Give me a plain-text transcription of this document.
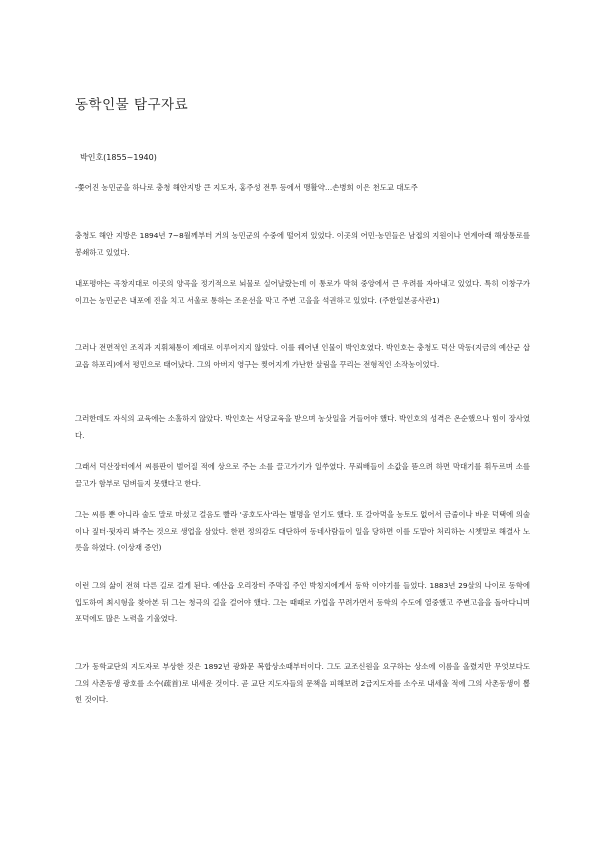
동학인물 탐구자료
박인호(1855~1940)
-쫓어진 농민군을 하나로 충청 해안지방 큰 지도자, 홍주성 전투 등에서 맹활약…손병희 이은 천도교 대도주
충청도 해안 지방은 1894년 7~8월께부터 거의 농민군의 수중에 떨어져 있었다. 이곳의 어민·농민들은 남접의 지원이나 연계아래 해상통로를 봉쇄하고 있었다.
내포평야는 곡창지대로 이곳의 양곡을 정기적으로 뇌물로 실어날랐는데 이 통로가 막혀 중앙에서 큰 우려를 자아내고 있었다. 특히 이창구가 이끄는 농민군은 내포에 진을 치고 서울로 통하는 조운선을 막고 주변 고을을 석권하고 있었다. (주한일본공사관1)
그러나 전면적인 조직과 지휘체통이 제대로 이루어지지 않았다. 이를 꿰어낸 인물이 박인호였다. 박인호는 충청도 덕산 막동(지금의 예산군 삽교읍 하포리)에서 평민으로 태어났다. 그의 아버지 영구는 찢어지게 가난한 살림을 꾸리는 전형적인 소작농이었다.
그러한데도 자식의 교육에는 소홀하지 않았다. 박인호는 서당교육을 받으며 농삿일을 거들어야 했다. 박인호의 성격은 온순했으나 힘이 장사였다.
그래서 덕산장터에서 씨름판이 벌어질 적에 상으로 주는 소를 끌고가기가 일쑤였다. 무뢰배들이 소값을 뜯으려 하면 막대기를 휘두르며 소를 끌고가 함부로 덤벼들지 못했다고 한다.
그는 씨름 뿐 아니라 술도 말로 마셨고 걸음도 빨라 '공호도사'라는 별명을 얻기도 했다. 또 갈아먹을 농토도 없어서 금줄이나 바운 덕택에 의술이나 짚터·뒷자리 봐주는 것으로 생업을 삼았다. 한편 정의감도 대단하여 동네사람들이 일을 당하면 이를 도맡아 처리하는 시쳇말로 해결사 노릇을 하였다. (이상재 증언)
이런 그의 삶이 전혀 다른 길로 걸게 된다. 예산읍 오리장터 주막집 주인 박칭지에게서 동학 이야기를 들었다. 1883년 29살의 나이로 동학에 입도하여 최시형을 찾아본 뒤 그는 청극의 길을 걸어야 했다. 그는 때때로 가업을 꾸려가면서 동학의 수도에 열중했고 주변고을을 돌아다니며 포덕에도 많은 노력을 기울였다.
그가 동학교단의 지도자로 부상한 것은 1892년 광화문 복합상소때부터이다. 그도 교조신원을 요구하는 상소에 이름을 올렸지만 무엇보다도 그의 사촌동생 광호를 소수(疏首)로 내세운 것이다. 곧 교단 지도자들의 문책을 피해보려 2급지도자를 소수로 내세울 적에 그의 사촌동생이 뽑힌 것이다.
